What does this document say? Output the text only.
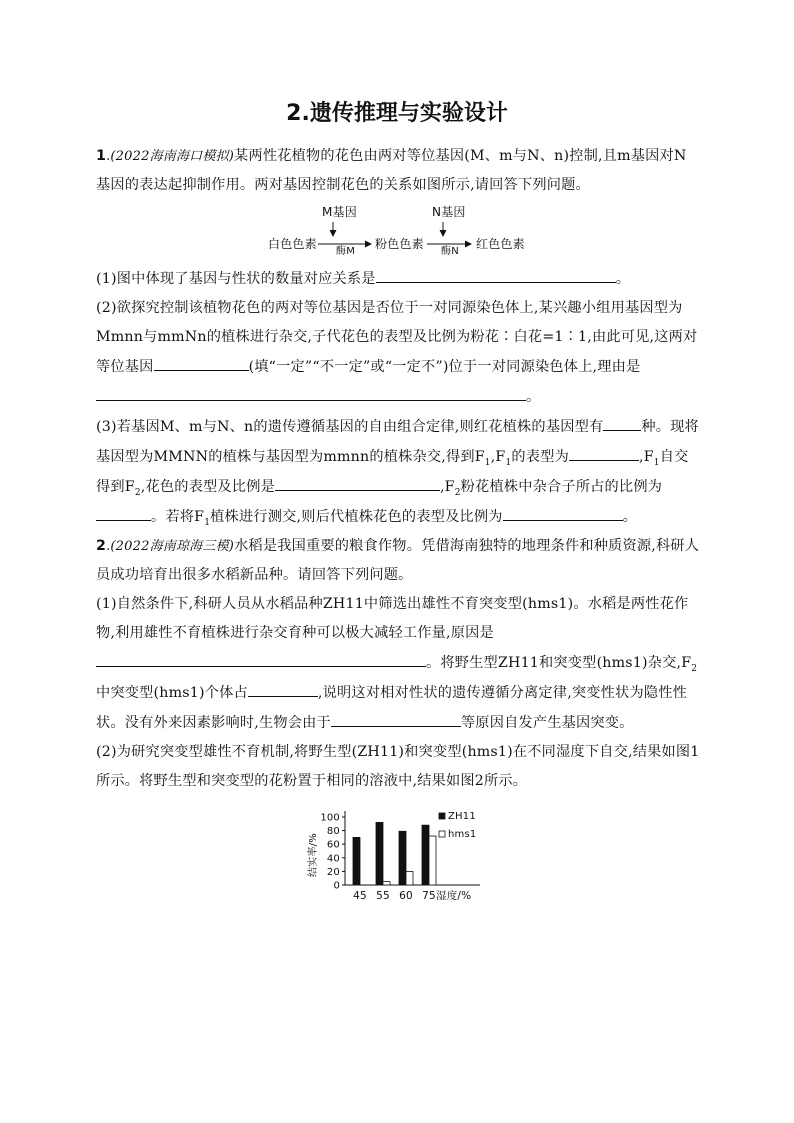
2.遗传推理与实验设计

1.(2022海南海口模拟)某两性花植物的花色由两对等位基因(M、m与N、n)控制,且m基因对N基因的表达起抑制作用。两对基因控制花色的关系如图所示,请回答下列问题。

M基因	N基因
白色色素
酶M
粉色色素
酶N
红色色素

(1)图中体现了基因与性状的数量对应关系是	。

(2)欲探究控制该植物花色的两对等位基因是否位于一对同源染色体上,某兴趣小组用基因型为Mmnn与mmNn的植株进行杂交,子代花色的表型及比例为粉花∶白花=1∶1,由此可见,这两对等位基因	(填“一定”“不一定”或“一定不”)位于一对同源染色体上,理由是。

(3)若基因M、m与N、n的遗传遵循基因的自由组合定律,则红花植株的基因型有	种。现将基因型为MMNN的植株与基因型为mmnn的植株杂交,得到$F_1,F_1$的表型为	$,F_1$自交得到$F_2$,花色的表型及比例是	$,F_2$粉花植株中杂合子所占的比例为。若将$F_1$植株进行测交,则后代植株花色的表型及比例为	。

2.(2022海南琼海三模)水稻是我国重要的粮食作物。凭借海南独特的地理条件和种质资源,科研人员成功培育出很多水稻新品种。请回答下列问题。

(1)自然条件下,科研人员从水稻品种ZH11中筛选出雄性不育突变型(hms1)。水稻是两性花作物,利用雄性不育植株进行杂交育种可以极大减轻工作量,原因是。将野生型ZH11和突变型(hms1)杂交$,F_2$中突变型(hms1)个体占	,说明这对相对性状的遗传遵循分离定律,突变性状为隐性性状。没有外来因素影响时,生物会由于	等原因自发产生基因突变。

(2)为研究突变型雄性不育机制,将野生型(ZH11)和突变型(hms1)在不同湿度下自交,结果如图1所示。将野生型和突变型的花粉置于相同的溶液中,结果如图2所示。

0
20
40
60
80
100
结实率/%
45 55 60 75 湿度/%
ZH11
hms1
